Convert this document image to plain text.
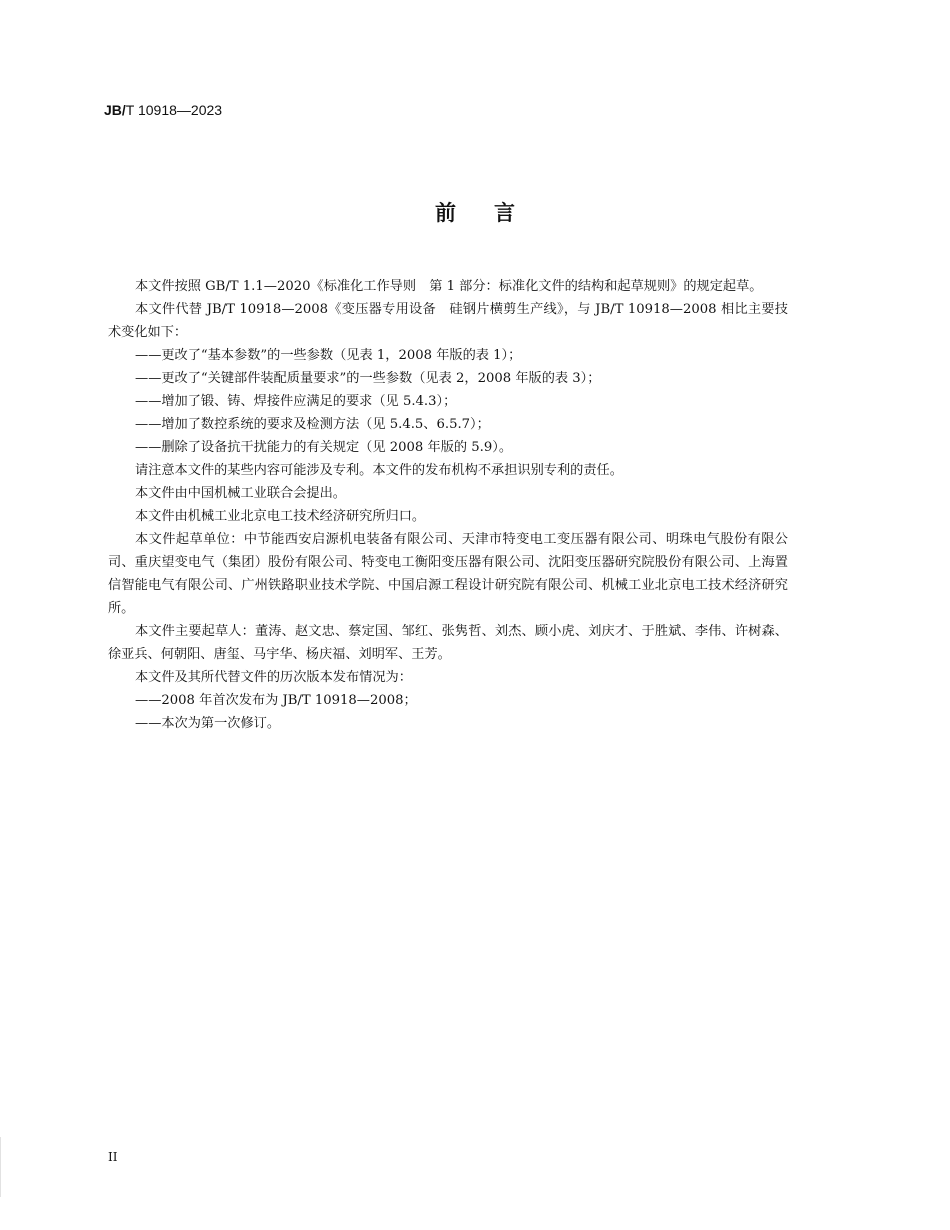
JB/T 10918—2023
前言

本文件按照 GB/T 1.1—2020《标准化工作导则　第 1 部分：标准化文件的结构和起草规则》的规定起草。

本文件代替 JB/T 10918—2008《变压器专用设备　硅钢片横剪生产线》，与 JB/T 10918—2008 相比主要技术变化如下：

——更改了“基本参数”的一些参数（见表 1，2008 年版的表 1）；

——更改了“关键部件装配质量要求”的一些参数（见表 2，2008 年版的表 3）；

——增加了锻、铸、焊接件应满足的要求（见 5.4.3）；

——增加了数控系统的要求及检测方法（见 5.4.5、6.5.7）；

——删除了设备抗干扰能力的有关规定（见 2008 年版的 5.9）。

请注意本文件的某些内容可能涉及专利。本文件的发布机构不承担识别专利的责任。

本文件由中国机械工业联合会提出。

本文件由机械工业北京电工技术经济研究所归口。

本文件起草单位：中节能西安启源机电装备有限公司、天津市特变电工变压器有限公司、明珠电气股份有限公司、重庆望变电气（集团）股份有限公司、特变电工衡阳变压器有限公司、沈阳变压器研究院股份有限公司、上海置信智能电气有限公司、广州铁路职业技术学院、中国启源工程设计研究院有限公司、机械工业北京电工技术经济研究所。

本文件主要起草人：董涛、赵文忠、蔡定国、邹红、张隽哲、刘杰、顾小虎、刘庆才、于胜斌、李伟、许树森、徐亚兵、何朝阳、唐玺、马宇华、杨庆福、刘明军、王芳。

本文件及其所代替文件的历次版本发布情况为：

——2008 年首次发布为 JB/T 10918—2008；

——本次为第一次修订。

II
